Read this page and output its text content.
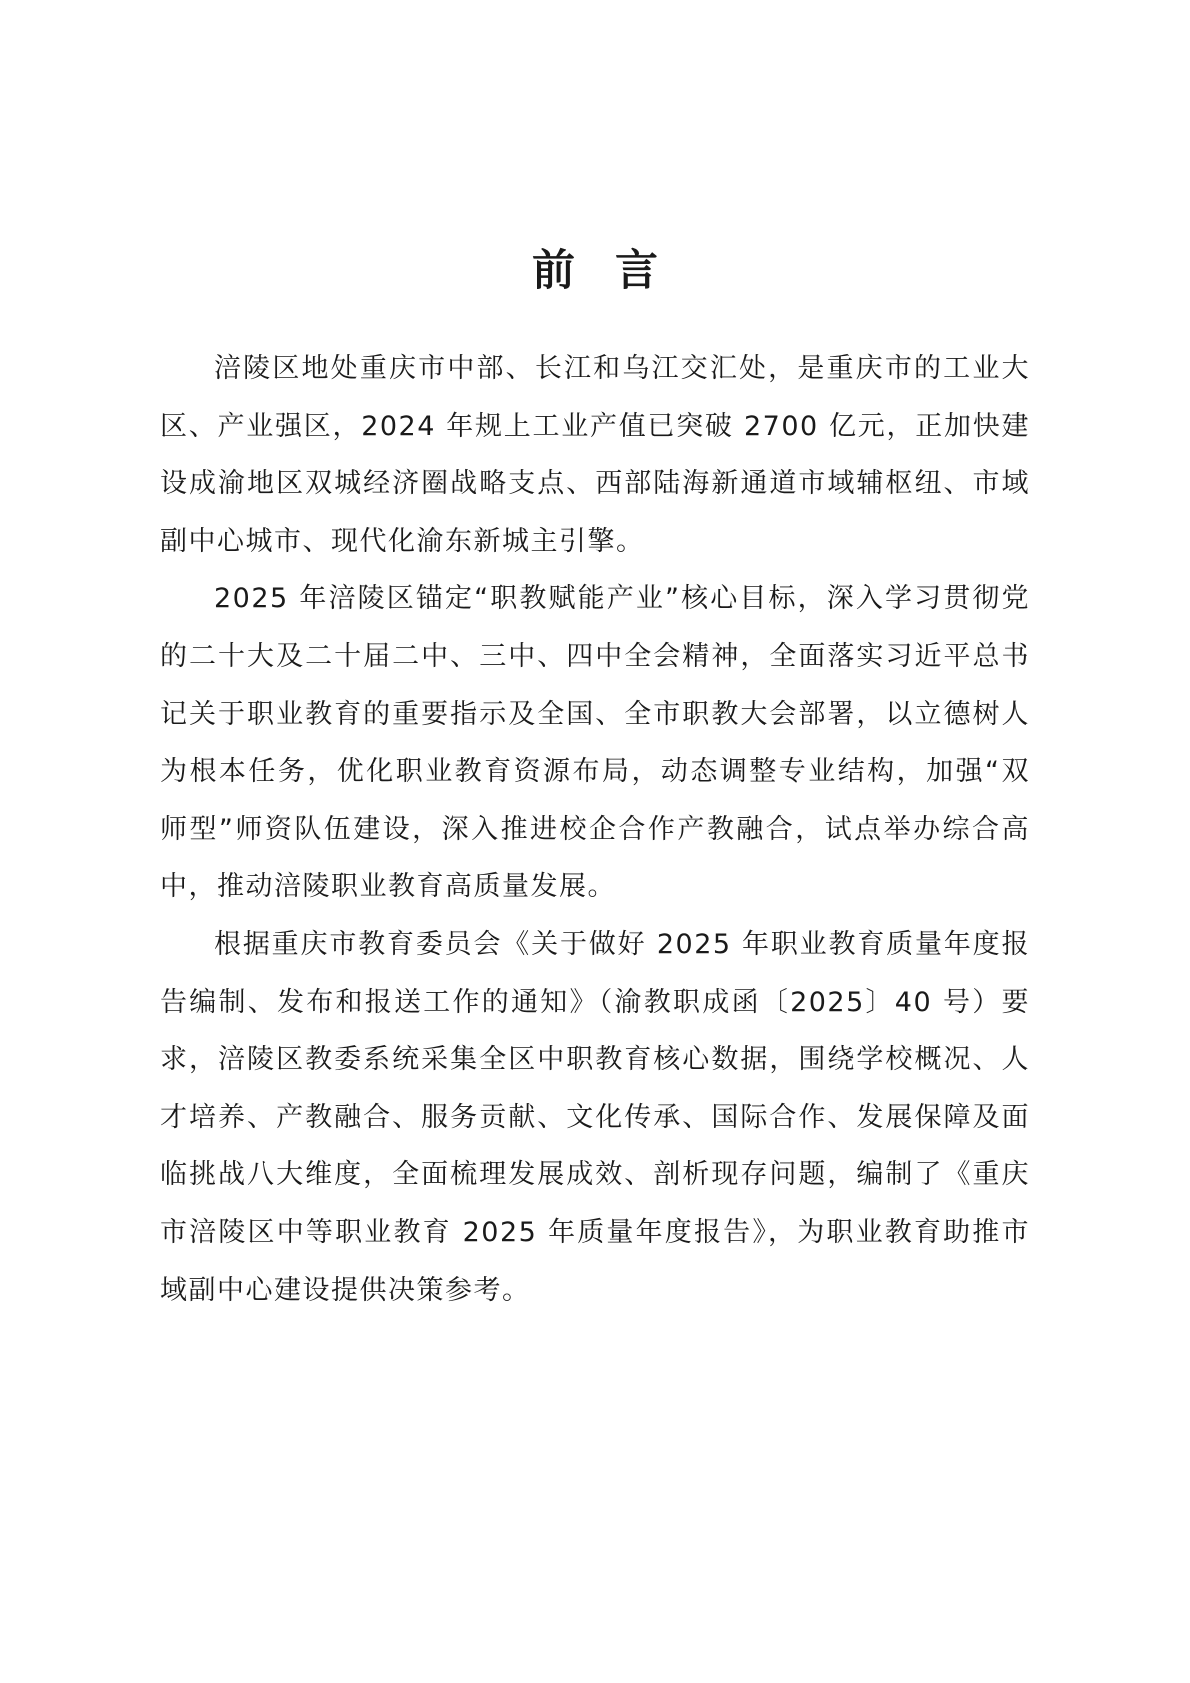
前 言

涪陵区地处重庆市中部、长江和乌江交汇处，是重庆市的工业大区、产业强区，2024 年规上工业产值已突破 2700 亿元，正加快建设成渝地区双城经济圈战略支点、西部陆海新通道市域辅枢纽、市域副中心城市、现代化渝东新城主引擎。

2025 年涪陵区锚定“职教赋能产业”核心目标，深入学习贯彻党的二十大及二十届二中、三中、四中全会精神，全面落实习近平总书记关于职业教育的重要指示及全国、全市职教大会部署，以立德树人为根本任务，优化职业教育资源布局，动态调整专业结构，加强“双师型”师资队伍建设，深入推进校企合作产教融合，试点举办综合高中，推动涪陵职业教育高质量发展。

根据重庆市教育委员会《关于做好 2025 年职业教育质量年度报告编制、发布和报送工作的通知》（渝教职成函〔2025〕40 号）要求，涪陵区教委系统采集全区中职教育核心数据，围绕学校概况、人才培养、产教融合、服务贡献、文化传承、国际合作、发展保障及面临挑战八大维度，全面梳理发展成效、剖析现存问题，编制了《重庆市涪陵区中等职业教育 2025 年质量年度报告》，为职业教育助推市域副中心建设提供决策参考。
